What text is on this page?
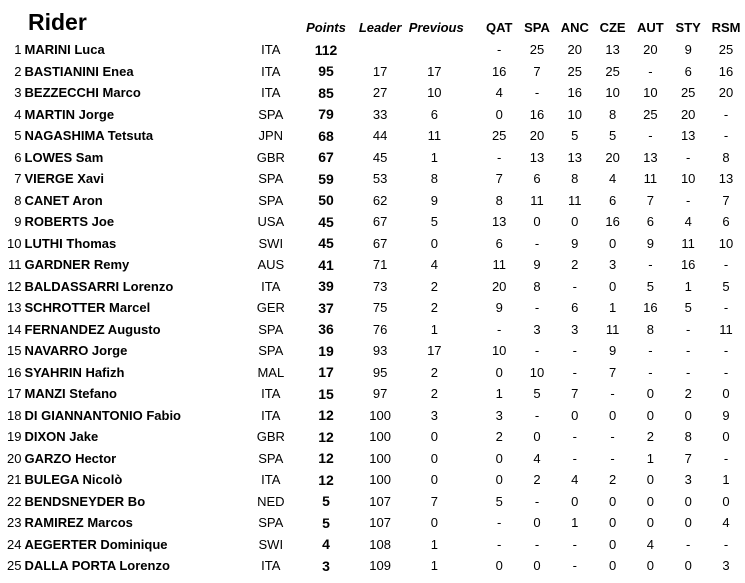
Rider			Points	Leader	Previous		QAT	SPA	ANC	CZE	AUT	STY	RSM
1	MARINI Luca	ITA	112				-	25	20	13	20	9	25
2	BASTIANINI Enea	ITA	95	17	17		16	7	25	25	-	6	16
3	BEZZECCHI Marco	ITA	85	27	10		4	-	16	10	10	25	20
4	MARTIN Jorge	SPA	79	33	6		0	16	10	8	25	20	-
5	NAGASHIMA Tetsuta	JPN	68	44	11		25	20	5	5	-	13	-
6	LOWES Sam	GBR	67	45	1		-	13	13	20	13	-	8
7	VIERGE Xavi	SPA	59	53	8		7	6	8	4	11	10	13
8	CANET Aron	SPA	50	62	9		8	11	11	6	7	-	7
9	ROBERTS Joe	USA	45	67	5		13	0	0	16	6	4	6
10	LUTHI Thomas	SWI	45	67	0		6	-	9	0	9	11	10
11	GARDNER Remy	AUS	41	71	4		11	9	2	3	-	16	-
12	BALDASSARRI Lorenzo	ITA	39	73	2		20	8	-	0	5	1	5
13	SCHROTTER Marcel	GER	37	75	2		9	-	6	1	16	5	-
14	FERNANDEZ Augusto	SPA	36	76	1		-	3	3	11	8	-	11
15	NAVARRO Jorge	SPA	19	93	17		10	-	-	9	-	-	-
16	SYAHRIN Hafizh	MAL	17	95	2		0	10	-	7	-	-	-
17	MANZI Stefano	ITA	15	97	2		1	5	7	-	0	2	0
18	DI GIANNANTONIO Fabio	ITA	12	100	3		3	-	0	0	0	0	9
19	DIXON Jake	GBR	12	100	0		2	0	-	-	2	8	0
20	GARZO Hector	SPA	12	100	0		0	4	-	-	1	7	-
21	BULEGA Nicolò	ITA	12	100	0		0	2	4	2	0	3	1
22	BENDSNEYDER Bo	NED	5	107	7		5	-	0	0	0	0	0
23	RAMIREZ Marcos	SPA	5	107	0		-	0	1	0	0	0	4
24	AEGERTER Dominique	SWI	4	108	1		-	-	-	0	4	-	-
25	DALLA PORTA Lorenzo	ITA	3	109	1		0	0	-	0	0	0	3
